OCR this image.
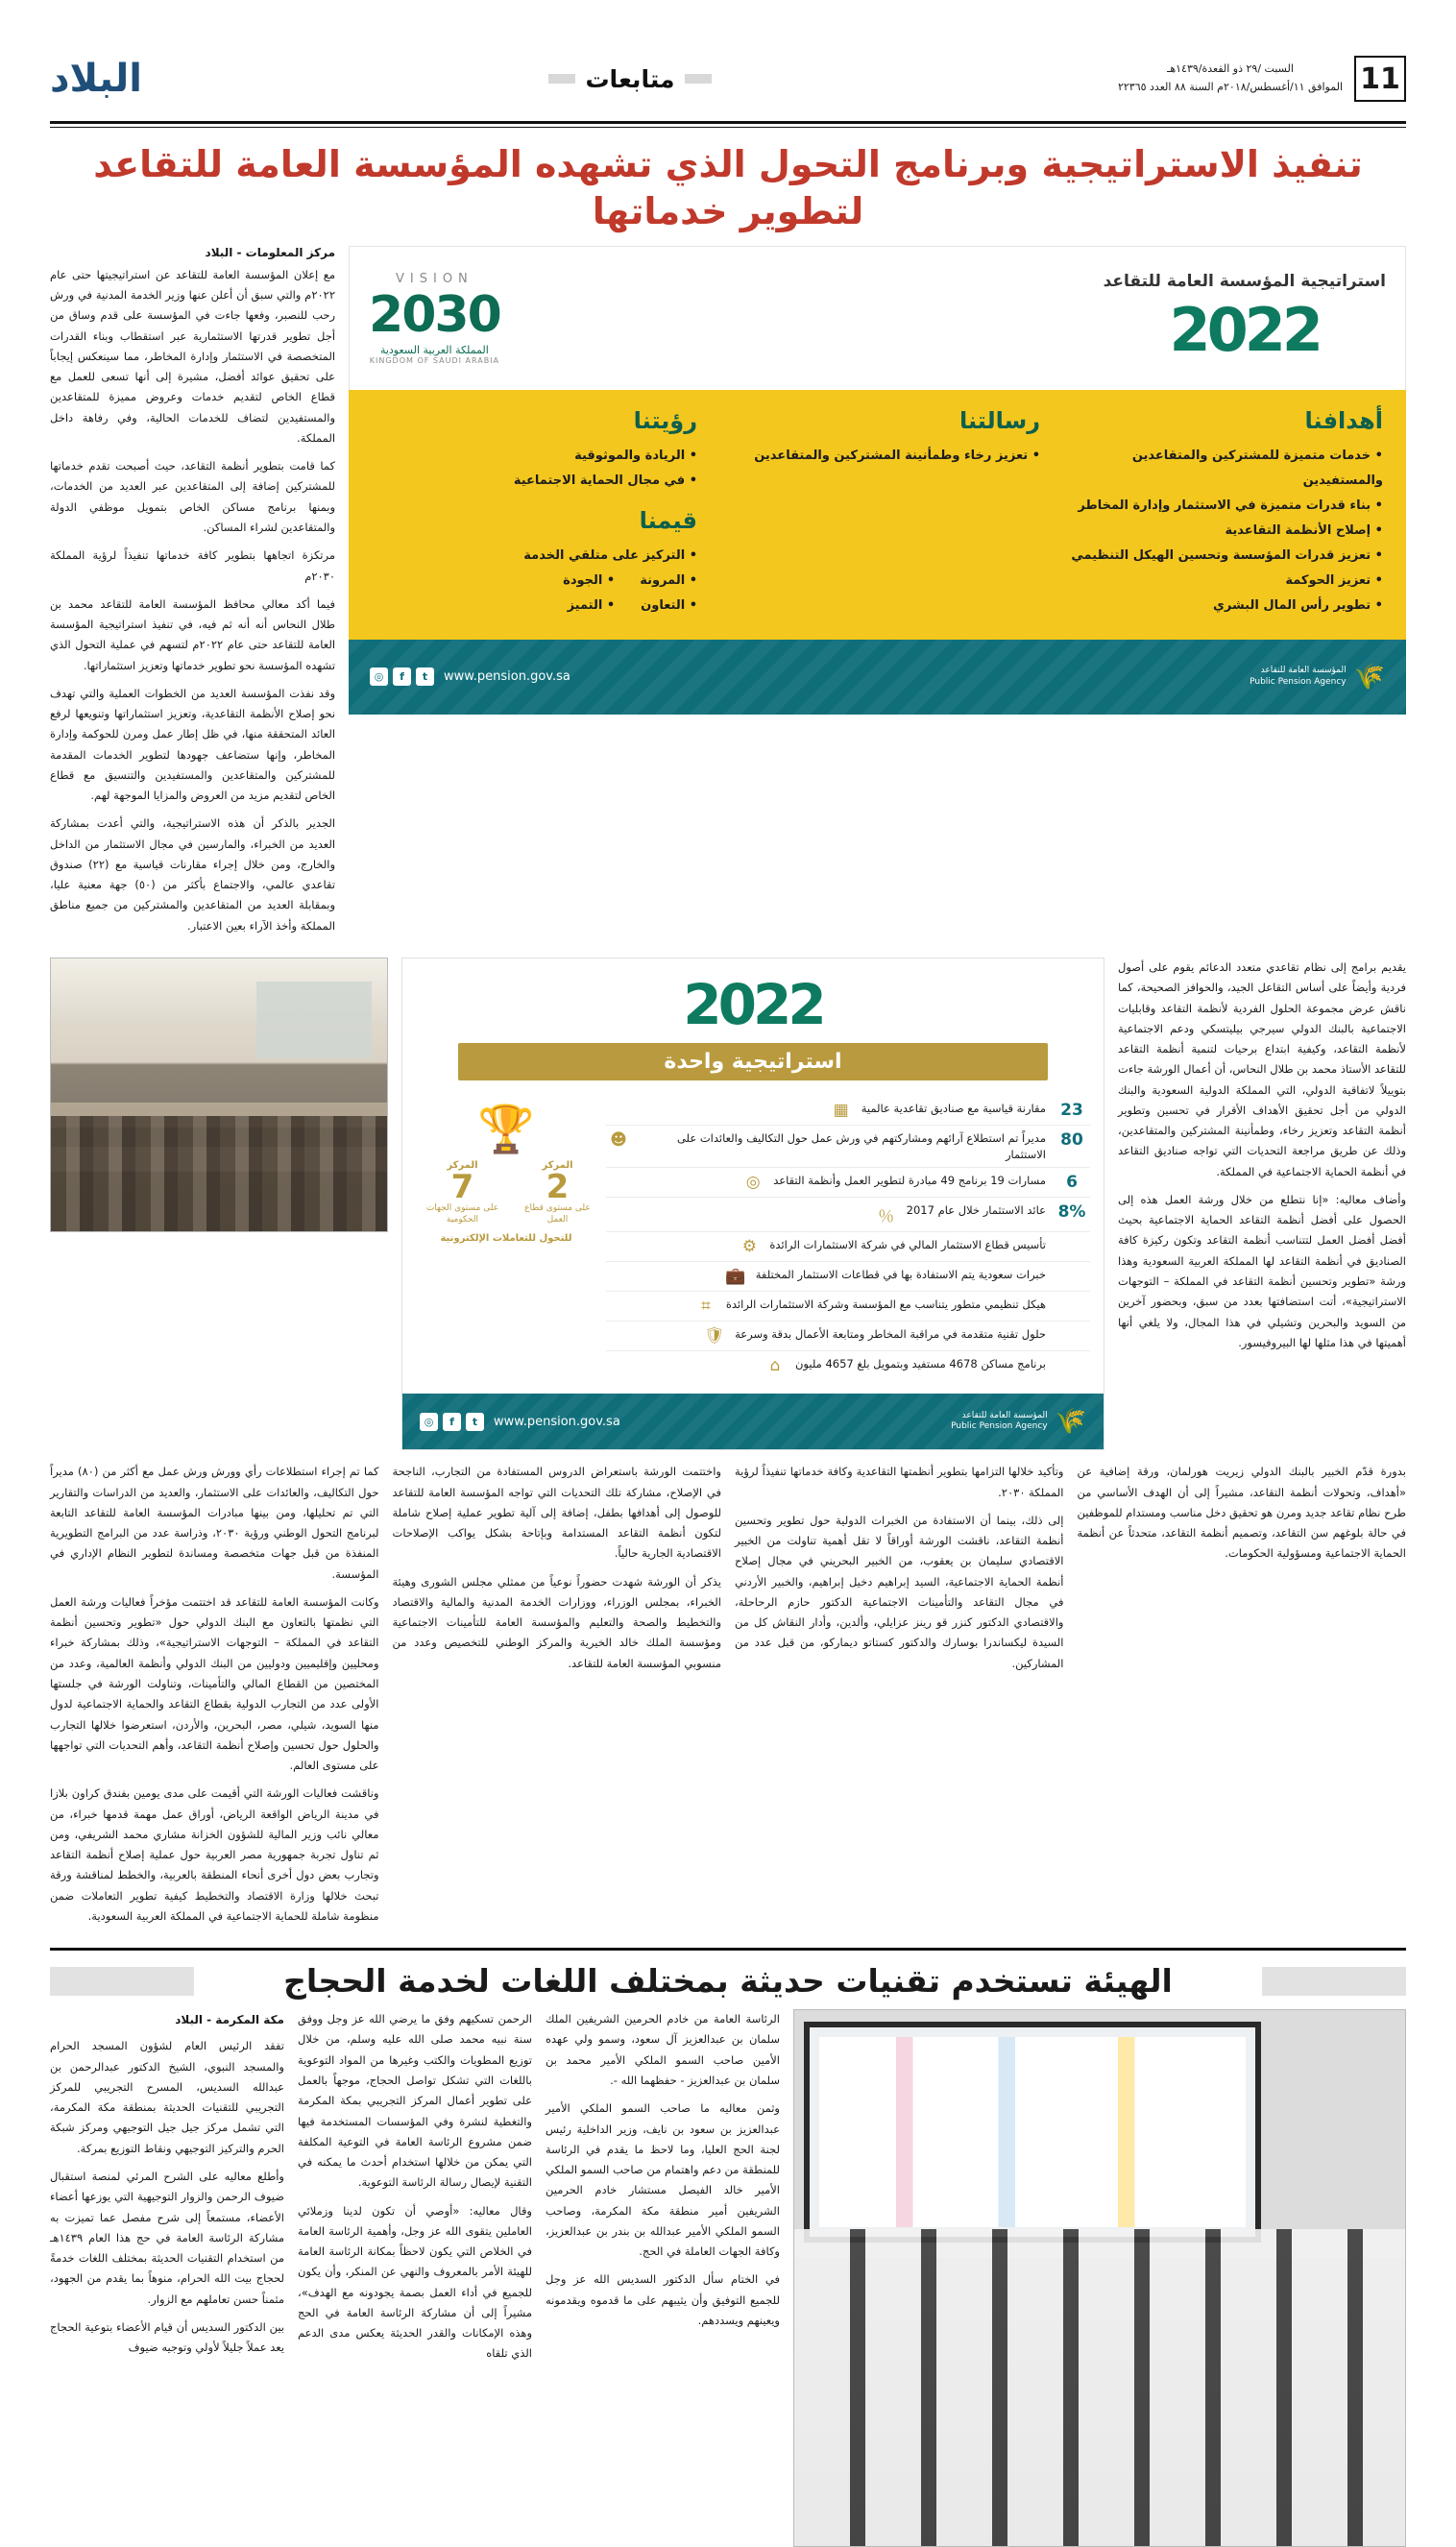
11
السبت /٢٩ ذو القعدة/١٤٣٩هـ
الموافق ١١/أغسطس/٢٠١٨م السنة ٨٨ العدد ٢٢٣٦٥
متابعات
البلاد
تنفيذ الاستراتيجية وبرنامج التحول الذي تشهده المؤسسة العامة للتقاعد لتطوير خدماتها
استراتيجية المؤسسة العامة للتقاعد
2022
VISION
2030
المملكة العربية السعودية
KINGDOM OF SAUDI ARABIA
أهدافنا
• خدمات متميزة للمشتركين والمتقاعدين والمستفيدين
• بناء قدرات متميزة في الاستثمار وإدارة المخاطر
• إصلاح الأنظمة التقاعدية
• تعزيز قدرات المؤسسة وتحسين الهيكل التنظيمي
• تعزيز الحوكمة
• تطوير رأس المال البشري
رسالتنا
• تعزيز رخاء وطمأنينة المشتركين والمتقاعدين
رؤيتنا
• الريادة والموثوقية
• في مجال الحماية الاجتماعية
قيمنا
• التركيز على متلقي الخدمة
• المرونة
• التعاون
• الجودة
• التميز
🌾
المؤسسة العامة للتقاعد
Public Pension Agency
www.pension.gov.sa
t
f
◎
مركز المعلومات - البلاد

مع إعلان المؤسسة العامة للتقاعد عن استراتيجيتها حتى عام ٢٠٢٢م والتي سبق أن أعلن عنها وزير الخدمة المدنية في ورش رحب للنصبر، وفعها جاءت في المؤسسة على قدم وساق من أجل تطوير قدرتها الاستثمارية عبر استقطاب وبناء القدرات المتخصصة في الاستثمار وإدارة المخاطر، مما سينعكس إيجاباً على تحقيق عوائد أفضل، مشيرة إلى أنها تسعى للعمل مع قطاع الخاص لتقديم خدمات وعروض مميزة للمتقاعدين والمستفيدين لتضاف للخدمات الحالية، وفي رفاهة داخل المملكة.

كما قامت بتطوير أنظمة التقاعد، حيث أصبحت تقدم خدماتها للمشتركين إضافة إلى المتقاعدين عبر العديد من الخدمات، وبمنها برنامج مساكن الخاص بتمويل موظفي الدولة والمتقاعدين لشراء المساكن.

مرتكزة اتجاهها بتطوير كافة خدماتها تنفيذاً لرؤية المملكة ٢٠٣٠م

فيما أكد معالي محافظ المؤسسة العامة للتقاعد محمد بن طلال النحاس أنه أنه ثم فيه، في تنفيذ استراتيجية المؤسسة العامة للتقاعد حتى عام ٢٠٢٢م لتسهم في عملية التحول الذي تشهده المؤسسة نحو تطوير خدماتها وتعزيز استثماراتها.

وقد نفذت المؤسسة العديد من الخطوات العملية والتي تهدف نحو إصلاح الأنظمة التقاعدية، وتعزيز استثماراتها وتنويعها لرفع العائد المتحققة منها، في ظل إطار عمل ومرن للحوكمة وإدارة المخاطر، وإنها ستضاعف جهودها لتطوير الخدمات المقدمة للمشتركين والمتقاعدين والمستفيدين والتنسيق مع قطاع الخاص لتقديم مزيد من العروض والمزايا الموجهة لهم.

الجدير بالذكر أن هذه الاستراتيجية، والتي أعدت بمشاركة العديد من الخبراء، والمارسين في مجال الاستثمار من الداخل والخارج، ومن خلال إجراء مقارنات قياسية مع (٢٢) صندوق تقاعدي عالمي، والاجتماع بأكثر من (٥٠) جهة معنية عليا، وبمقابلة العديد من المتقاعدين والمشتركين من جميع مناطق المملكة وأخذ الآراء بعين الاعتبار.

يقديم برامج إلى نظام تقاعدي متعدد الدعائم يقوم على أصول فردية وأيضاً على أساس التقاعل الجيد، والحوافز الصحيحة، كما ناقش عرض مجموعة الحلول الفردية لأنظمة التقاعد وقابليات الاجتماعية بالبنك الدولي سيرجي بيليتسكي ودعم الاجتماعية لأنظمة التقاعد، وكيفية ابتداع برحيات لتنمية أنظمة التقاعد للتقاعد الأستاذ محمد بن طلال النحاس، أن أعمال الورشة جاءت بتوييلاً لاتفاقية الدولي، التي المملكة الدولية السعودية والبنك الدولي من أجل تحقيق الأهداف الأقرار في تحسين وتطوير أنظمة التقاعد وتعزيز رخاء، وطمأنينة المشتركين والمتقاعدين، وذلك عن طريق مراجعة التحديات التي تواجه صناديق التقاعد في أنظمة الحماية الاجتماعية في المملكة.

وأضاف معاليه: «إنا نتطلع من خلال ورشة العمل هذه إلى الحصول على أفضل أنظمة التقاعد الحماية الاجتماعية بحيث أفضل أفضل العمل لتتناسب أنظمة التقاعد وتكون ركيزة كافة الصناديق في أنظمة التقاعد لها المملكة العربية السعودية وهذا ورشة «تطوير وتحسين أنظمة التقاعد في المملكة – التوجهات الاستراتيجية»، أتت استضافتها بعدد من سبق، وبحضور آخرين من السويد والبحرين وتشيلي في هذا المجال، ولا يلغي أنها أهميتها في هذا مثلها لها البيروفيسور.

2022
استراتيجية واحدة
23
مقارنة قياسية مع صناديق تقاعدية عالمية
▦
80
مديراً تم استطلاع آرائهم ومشاركتهم في ورش عمل حول التكاليف والعائدات على الاستثمار
☻
6
مسارات 19 برنامج 49 مبادرة لتطوير العمل وأنظمة التقاعد
◎
8%
عائد الاستثمار خلال عام 2017
％
تأسيس قطاع الاستثمار المالي في شركة الاستثمارات الرائدة
⚙
خبرات سعودية يتم الاستفادة بها في قطاعات الاستثمار المختلفة
💼
هيكل تنظيمي متطور يتناسب مع المؤسسة وشركة الاستثمارات الرائدة
⌗
حلول تقنية متقدمة في مراقبة المخاطر ومتابعة الأعمال بدقة وسرعة
🛡
برنامج مساكن 4678 مستفيد وبتمويل بلغ 4657 مليون
⌂
🏆
المركز
2
على مستوى قطاع العمل
المركز
7
على مستوى الجهات الحكومية
للتحول للتعاملات الإلكترونية
🌾
المؤسسة العامة للتقاعد
Public Pension Agency
www.pension.gov.sa
t
f
◎

بدورة قدّم الخبير بالبنك الدولي زيريت هورلمان، ورقة إضافية عن «أهداف، وتحولات أنظمة التقاعد، مشيراً إلى أن الهدف الأساسي من طرح نظام تقاعد جديد ومرن هو تحقيق دخل مناسب ومستدام للموظفين في حالة بلوغهم سن التقاعد، وتصميم أنظمة التقاعد، متحدثاً عن أنظمة الحماية الاجتماعية ومسؤولية الحكومات.

وتأكيد خلالها التزامها بتطوير أنظمتها التقاعدية وكافة خدماتها تنفيذاً لرؤية المملكة ٢٠٣٠.

إلى ذلك، بينما أن الاستفادة من الخبرات الدولية حول تطوير وتحسين أنظمة التقاعد، ناقشت الورشة أوراقاً لا تقل أهمية تناولت من الخبير الاقتصادي سليمان بن يعقوب، من الخبير البحريني في مجال إصلاح أنظمة الحماية الاجتماعية، السيد إبراهيم دخيل إبراهيم، والخبير الأردني في مجال التقاعد والتأمينات الاجتماعية الدكتور حازم الرحاحلة، والاقتصادي الدكتور كنزر قو رينز عزايلي، وألدين، وأدار النقاش كل من السيدة ليكساندرا بوسارك والدكتور كستاتو ديمارکو، من قبل عدد من المشاركين.

واختتمت الورشة باستعراض الدروس المستفادة من التجارب، الناجحة في الإصلاح، مشاركة تلك التحديات التي تواجه المؤسسة العامة للتقاعد للوصول إلى أهدافها بطفل، إضافة إلى آلية تطوير عملية إصلاح شاملة لتكون أنظمة التقاعد المستدامة وبإتاحة بشكل يواكب الإصلاحات الاقتصادية الجارية حالياً.

يذكر أن الورشة شهدت حضوراً نوعياً من ممثلي مجلس الشورى وهيئة الخبراء، بمجلس الوزراء، ووزارات الخدمة المدنية والمالية والاقتصاد والتخطيط والصحة والتعليم والمؤسسة العامة للتأمينات الاجتماعية ومؤسسة الملك خالد الخيرية والمركز الوطني للتخصيص وعدد من منسوبي المؤسسة العامة للتقاعد.

كما تم إجراء استطلاعات رأي وورش ورش عمل مع أكثر من (٨٠) مديراً حول التكاليف، والعائدات على الاستثمار، والعديد من الدراسات والتقارير التي تم تحليلها، ومن بينها مبادرات المؤسسة العامة للتقاعد التابعة لبرنامج التحول الوطني ورؤية ٢٠٣٠، وذراسة عدد من البرامج التطويرية المنفذة من قبل جهات متخصصة ومساندة لتطوير النظام الإداري في المؤسسة.

وكانت المؤسسة العامة للتقاعد قد اختتمت مؤخراً فعاليات ورشة العمل التي نظمتها بالتعاون مع البنك الدولي حول «تطوير وتحسين أنظمة التقاعد في المملكة – التوجهات الاستراتيجية»، وذلك بمشاركة خبراء ومحليين وإقليميين ودوليين من البنك الدولي وأنظمة العالمية، وعدد من المختصين من القطاع المالي والتأمينات، وتناولت الورشة في جلستها الأولى عدد من التجارب الدولية بقطاع التقاعد والحماية الاجتماعية لدول منها السويد، شيلي، مصر، البحرين، والأردن، استعرضوا خلالها التجارب والحلول حول تحسين وإصلاح أنظمة التقاعد، وأهم التحديات التي تواجهها على مستوى العالم.

وناقشت فعاليات الورشة التي أقيمت على مدى يومين بفندق كراون بلازا في مدينة الرياض الواقعة الرياض، أوراق عمل مهمة قدمها خبراء، من معالي نائب وزير المالية للشؤون الخزانة مشاري محمد الشريفي، ومن ثم تناول تجربة جمهورية مصر العربية حول عملية إصلاح أنظمة التقاعد وتجارب بعض دول أخرى أنحاء المنطقة بالعربية، والخطط لمناقشة ورقة تبحث خلالها وزارة الاقتصاد والتخطيط كيفية تطوير التعاملات ضمن منظومة شاملة للحماية الاجتماعية في المملكة العربية السعودية.

الهيئة تستخدم تقنيات حديثة بمختلف اللغات لخدمة الحجاج

الرئاسة العامة من خادم الحرمين الشريفين الملك سلمان بن عبدالعزيز آل سعود، وسمو ولي عهده الأمين صاحب السمو الملكي الأمير محمد بن سلمان بن عبدالعزيز - حفظهما الله -.

وثمن معاليه ما صاحب السمو الملكي الأمير عبدالعزيز بن سعود بن نايف، وزير الداخلية رئيس لجنة الحج العليا، وما لاحظ ما يقدم في الرئاسة للمنطقة من دعم واهتمام من صاحب السمو الملكي الأمير خالد الفيصل مستشار خادم الحرمين الشريفين أمير منطقة مكة المكرمة، وصاحب السمو الملكي الأمير عبدالله بن بندر بن عبدالعزيز، وكافة الجهات العاملة في الحج.

في الختام سأل الدكتور السديس الله عز وجل للجميع التوفيق وأن يثيبهم على ما قدموه ويقدمونه ويعينهم ويسددهم.

الرحمن تسكيهم وفق ما يرضي الله عز وجل ووفق سنة نبيه محمد صلى الله عليه وسلم، من خلال توزيع المطويات والكتب وغيرها من المواد التوعوية باللغات التي تشكل تواصل الحجاج، موجهاً بالعمل على تطوير أعمال المركز التجريبي بمكة المكرمة والتغطية لنشرة وفي المؤسسات المستخدمة فيها ضمن مشروع الرئاسة العامة في التوعية المكلفة التي يمكن من خلالها استخدام أحدث ما يمكنه في التقنية لإيصال رسالة الرئاسة التوعوية.

وقال معاليه: «أوصي أن تكون لدينا وزملائي العاملين يتقوى الله عز وجل، وأهمية الرئاسة العامة في الخلاص التي يكون لاحظاً بمكانة الرئاسة العامة للهيئة الأمر بالمعروف والنهي عن المنكر، وأن يكون للجميع في أداء العمل بصمة يجودونه مع الهدف»، مشيراً إلى أن مشاركة الرئاسة العامة في الحج وهذه الإمكانات والقدر الحديثة يعكس مدى الدعم الذي تلقاه

مكة المكرمة - البلاد

تفقد الرئيس العام لشؤون المسجد الحرام والمسجد النبوي، الشيخ الدكتور عبدالرحمن بن عبدالله السديس، المسرح التجريبي للمركز التجريبي للتقنيات الحديثة بمنطقة مكة المكرمة، التي تشمل مركز جيل جيل التوجيهي ومركز شبكة الحرم والتركيز التوجيهي ونقاط التوزيع بمركة.

وأطلع معاليه على الشرح المرئي لمنصة استقبال ضيوف الرحمن والزوار التوجيهية التي يوزعها أعضاء الأعضاء، مستمعاً إلى شرح مفصل عما تميزت به مشاركة الرئاسة العامة في حج هذا العام ١٤٣٩هـ من استخدام التقنيات الحديثة بمختلف اللغات خدمةً لحجاج بيت الله الحرام، منوهاً بما يقدم من الجهود، مثمناً حسن تعاملهم مع الزوار.

بين الدكتور السديس أن قيام الأعضاء بتوعية الحجاج يعد عملاً جليلاً لأولي وتوجيه ضيوف
